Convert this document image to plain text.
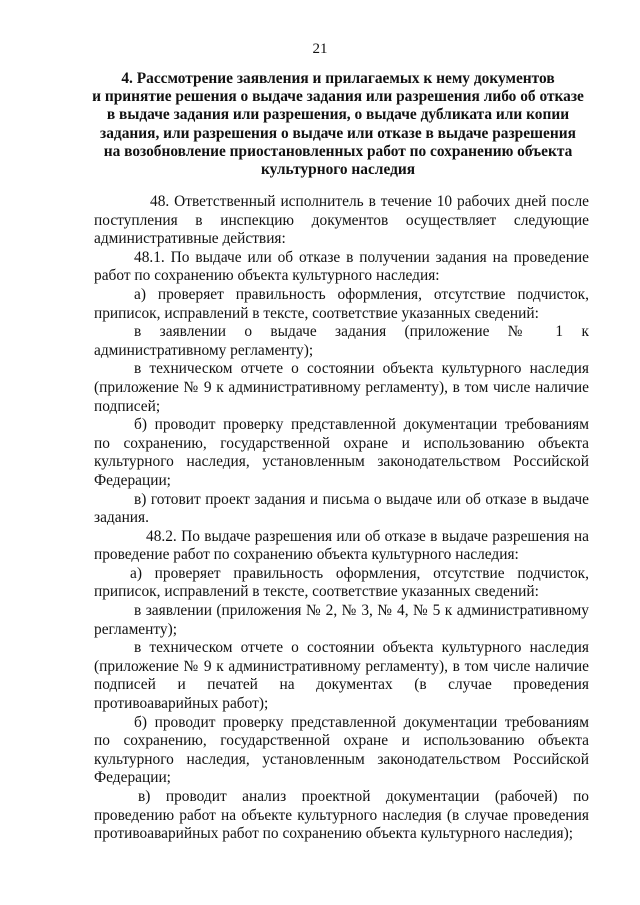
21
4. Рассмотрение заявления и прилагаемых к нему документов
и принятие решения о выдаче задания или разрешения либо об отказе
в выдаче задания или разрешения, о выдаче дубликата или копии
задания, или разрешения о выдаче или отказе в выдаче разрешения
на возобновление приостановленных работ по сохранению объекта
культурного наследия

48. Ответственный исполнитель в течение 10 рабочих дней после поступления в инспекцию документов осуществляет следующие административные действия:

48.1. По выдаче или об отказе в получении задания на проведение работ по сохранению объекта культурного наследия:

а) проверяет правильность оформления, отсутствие подчисток, приписок, исправлений в тексте, соответствие указанных сведений:

в заявлении о выдаче задания (приложение № 1 к административному регламенту);

в техническом отчете о состоянии объекта культурного наследия (приложение № 9 к административному регламенту), в том числе наличие подписей;

б) проводит проверку представленной документации требованиям по сохранению, государственной охране и использованию объекта культурного наследия, установленным законодательством Российской Федерации;

в) готовит проект задания и письма о выдаче или об отказе в выдаче задания.

48.2. По выдаче разрешения или об отказе в выдаче разрешения на проведение работ по сохранению объекта культурного наследия:

а) проверяет правильность оформления, отсутствие подчисток, приписок, исправлений в тексте, соответствие указанных сведений:

в заявлении (приложения № 2, № 3, № 4, № 5 к административному регламенту);

в техническом отчете о состоянии объекта культурного наследия (приложение № 9 к административному регламенту), в том числе наличие подписей и печатей на документах (в случае проведения противоаварийных работ);

б) проводит проверку представленной документации требованиям по сохранению, государственной охране и использованию объекта культурного наследия, установленным законодательством Российской Федерации;

в) проводит анализ проектной документации (рабочей) по проведению работ на объекте культурного наследия (в случае проведения противоаварийных работ по сохранению объекта культурного наследия);
